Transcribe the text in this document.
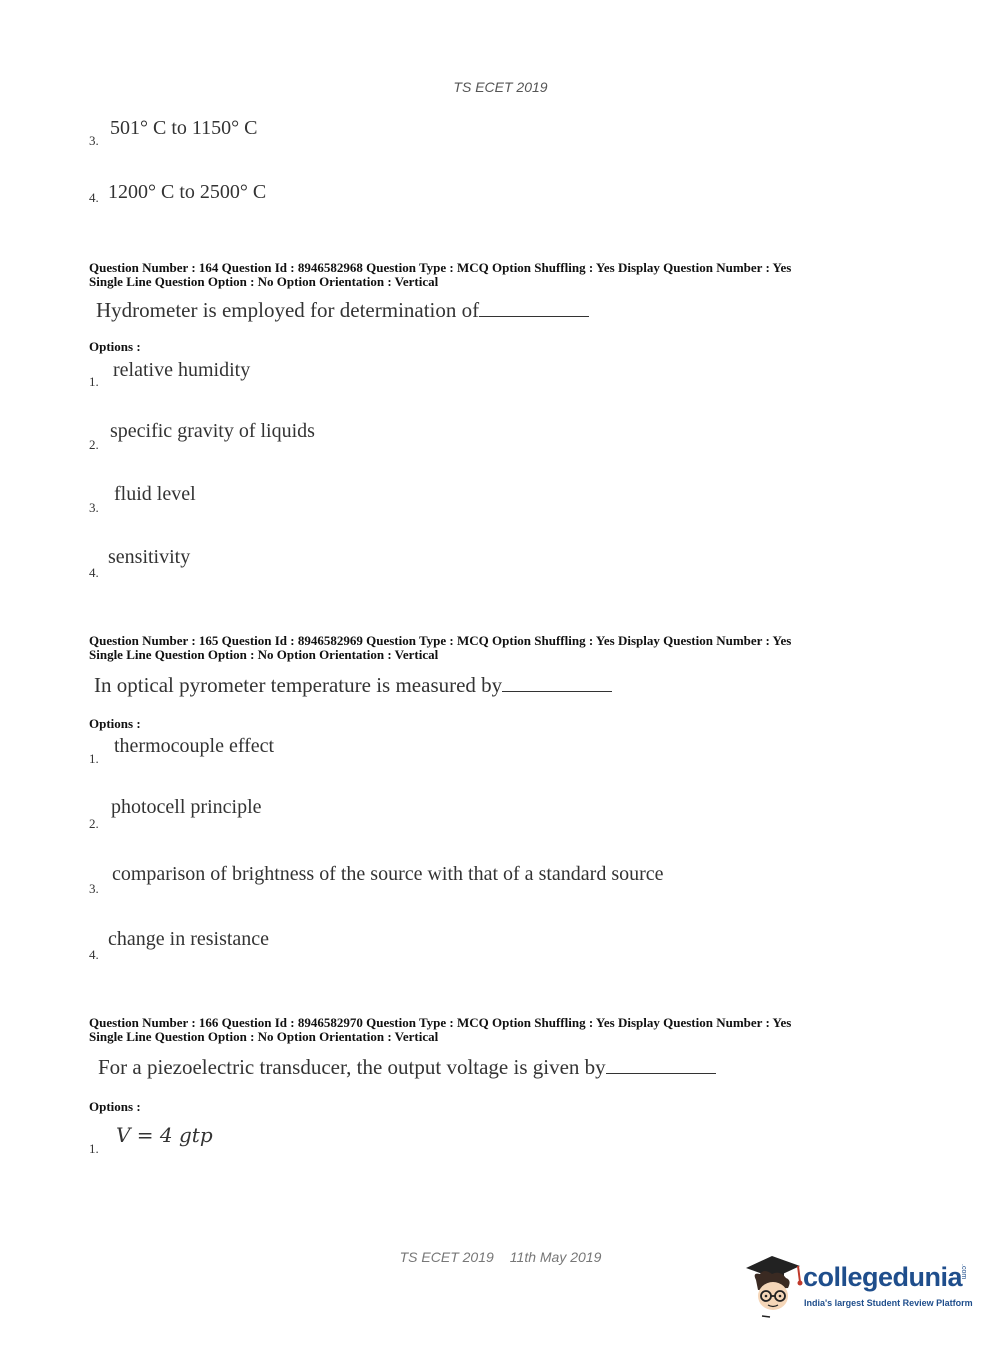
TS ECET 2019
3.
501° C to 1150° C
4. 1200° C to 2500° C
Question Number : 164 Question Id : 8946582968 Question Type : MCQ Option Shuffling : Yes Display Question Number : Yes
Single Line Question Option : No Option Orientation : Vertical
Hydrometer is employed for determination of
Options :
1.
relative humidity
2.
specific gravity of liquids
3.
fluid level
4.
sensitivity
Question Number : 165 Question Id : 8946582969 Question Type : MCQ Option Shuffling : Yes Display Question Number : Yes
Single Line Question Option : No Option Orientation : Vertical
In optical pyrometer temperature is measured by
Options :
1.
thermocouple effect
2.
photocell principle
3.
comparison of brightness of the source with that of a standard source
4.
change in resistance
Question Number : 166 Question Id : 8946582970 Question Type : MCQ Option Shuffling : Yes Display Question Number : Yes
Single Line Question Option : No Option Orientation : Vertical
For a piezoelectric transducer, the output voltage is given by
Options :
1.
V = 4 gtp
TS ECET 2019 11th May 2019
collegedunia
.com
India's largest Student Review Platform
